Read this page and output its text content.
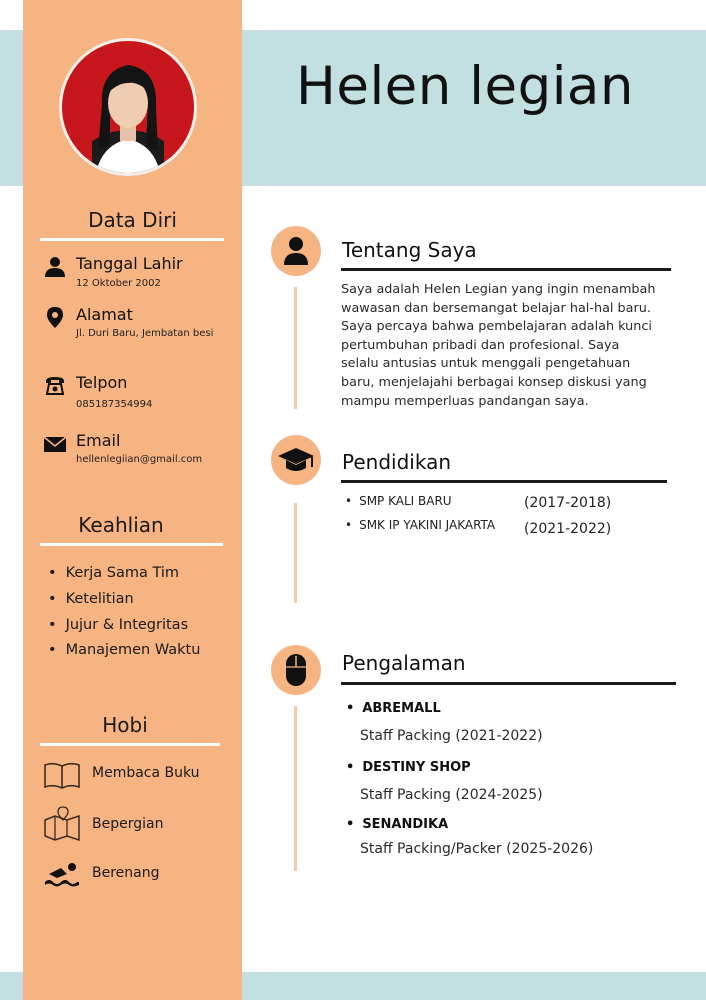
Helen legian
Data Diri
Tanggal Lahir
12 Oktober 2002
Alamat
Jl. Duri Baru, Jembatan besi
Telpon
085187354994
Email
hellenlegiian@gmail.com
Keahlian
• Kerja Sama Tim
• Ketelitian
• Jujur & Integritas
• Manajemen Waktu
Hobi
Membaca Buku
Bepergian
Berenang
Tentang Saya

Saya adalah Helen Legian yang ingin menambah wawasan dan bersemangat belajar hal-hal baru. Saya percaya bahwa pembelajaran adalah kunci pertumbuhan pribadi dan profesional. Saya selalu antusias untuk menggali pengetahuan baru, menjelajahi berbagai konsep diskusi yang mampu memperluas pandangan saya.

Pendidikan
• SMP KALI BARU	(2017-2018)
• SMK IP YAKINI JAKARTA (2021-2022)
Pengalaman
• ABREMALL
Staff Packing (2021-2022)
• DESTINY SHOP
Staff Packing (2024-2025)
• SENANDIKA
Staff Packing/Packer (2025-2026)
